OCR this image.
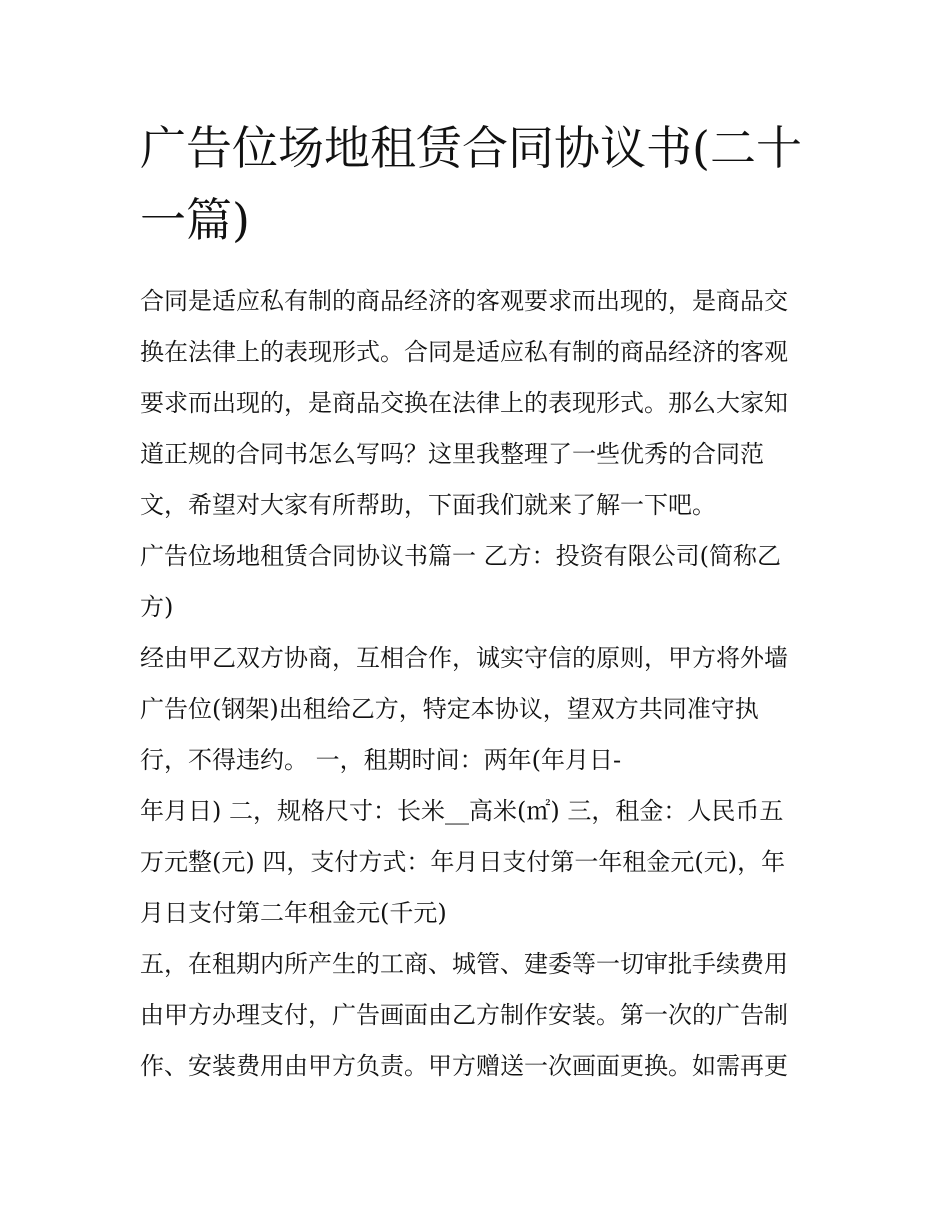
广告位场地租赁合同协议书(二十一篇)

合同是适应私有制的商品经济的客观要求而出现的，是商品交

换在法律上的表现形式。合同是适应私有制的商品经济的客观

要求而出现的，是商品交换在法律上的表现形式。那么大家知

道正规的合同书怎么写吗？这里我整理了一些优秀的合同范

文，希望对大家有所帮助，下面我们就来了解一下吧。

广告位场地租赁合同协议书篇一 乙方：投资有限公司(简称乙

方)

经由甲乙双方协商，互相合作，诚实守信的原则，甲方将外墙

广告位(钢架)出租给乙方，特定本协议，望双方共同准守执

行，不得违约。 一，租期时间：两年(年月日-

年月日) 二，规格尺寸：长米__高米(㎡) 三，租金：人民币五

万元整(元) 四，支付方式：年月日支付第一年租金元(元)，年

月日支付第二年租金元(千元)

五，在租期内所产生的工商、城管、建委等一切审批手续费用

由甲方办理支付，广告画面由乙方制作安装。第一次的广告制

作、安装费用由甲方负责。甲方赠送一次画面更换。如需再更
